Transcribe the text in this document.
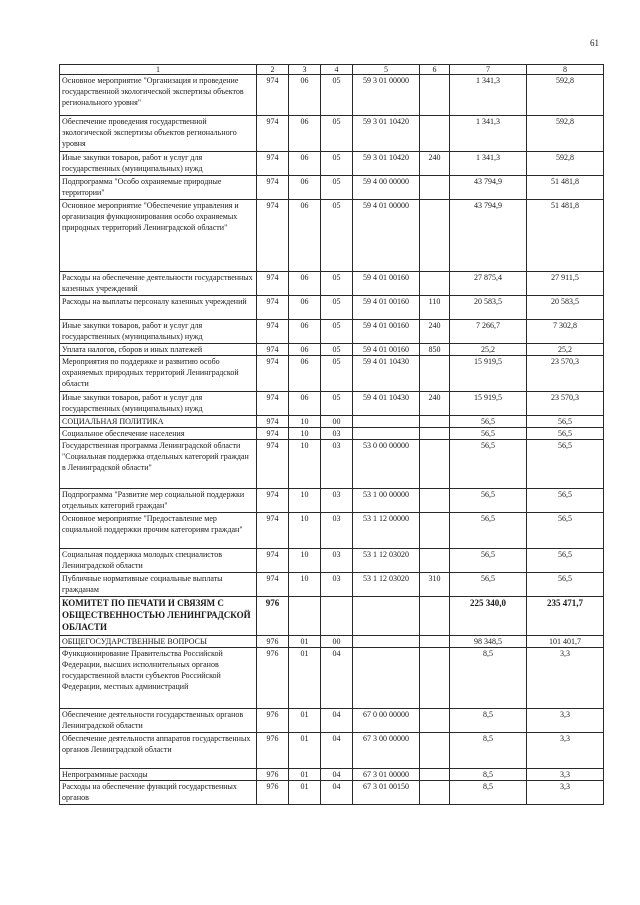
61
1	2	3	4	5	6	7	8
Основное мероприятие "Организация и проведение государственной экологической экспертизы объектов регионального уровня"	974	06	05	59 3 01 00000		1 341,3	592,8
Обеспечение проведения государственной экологической экспертизы объектов регионального уровня	974	06	05	59 3 01 10420		1 341,3	592,8
Иные закупки товаров, работ и услуг для государственных (муниципальных) нужд	974	06	05	59 3 01 10420	240	1 341,3	592,8
Подпрограмма "Особо охраняемые природные территории"	974	06	05	59 4 00 00000		43 794,9	51 481,8
Основное мероприятие "Обеспечение управления и организация функционирования особо охраняемых природных территорий Ленинградской области"	974	06	05	59 4 01 00000		43 794,9	51 481,8
Расходы на обеспечение деятельности государственных казенных учреждений	974	06	05	59 4 01 00160		27 875,4	27 911,5
Расходы на выплаты персоналу казенных учреждений	974	06	05	59 4 01 00160	110	20 583,5	20 583,5
Иные закупки товаров, работ и услуг для государственных (муниципальных) нужд	974	06	05	59 4 01 00160	240	7 266,7	7 302,8
Уплата налогов, сборов и иных платежей	974	06	05	59 4 01 00160	850	25,2	25,2
Мероприятия по поддержке и развитию особо охраняемых природных территорий Ленинградской области	974	06	05	59 4 01 10430		15 919,5	23 570,3
Иные закупки товаров, работ и услуг для государственных (муниципальных) нужд	974	06	05	59 4 01 10430	240	15 919,5	23 570,3
СОЦИАЛЬНАЯ ПОЛИТИКА	974	10	00			56,5	56,5
Социальное обеспечение населения	974	10	03			56,5	56,5
Государственная программа Ленинградской области "Социальная поддержка отдельных категорий граждан в Ленинградской области"	974	10	03	53 0 00 00000		56,5	56,5
Подпрограмма "Развитие мер социальной поддержки отдельных категорий граждан"	974	10	03	53 1 00 00000		56,5	56,5
Основное мероприятие "Предоставление мер социальной поддержки прочим категориям граждан"	974	10	03	53 1 12 00000		56,5	56,5
Социальная поддержка молодых специалистов Ленинградской области	974	10	03	53 1 12 03020		56,5	56,5
Публичные нормативные социальные выплаты гражданам	974	10	03	53 1 12 03020	310	56,5	56,5
КОМИТЕТ ПО ПЕЧАТИ И СВЯЗЯМ С ОБЩЕСТВЕННОСТЬЮ ЛЕНИНГРАДСКОЙ ОБЛАСТИ	976					225 340,0	235 471,7
ОБЩЕГОСУДАРСТВЕННЫЕ ВОПРОСЫ	976	01	00			98 348,5	101 401,7
Функционирование Правительства Российской Федерации, высших исполнительных органов государственной власти субъектов Российской Федерации, местных администраций	976	01	04			8,5	3,3
Обеспечение деятельности государственных органов Ленинградской области	976	01	04	67 0 00 00000		8,5	3,3
Обеспечение деятельности аппаратов государственных органов Ленинградской области	976	01	04	67 3 00 00000		8,5	3,3
Непрограммные расходы	976	01	04	67 3 01 00000		8,5	3,3
Расходы на обеспечение функций государственных органов	976	01	04	67 3 01 00150		8,5	3,3
